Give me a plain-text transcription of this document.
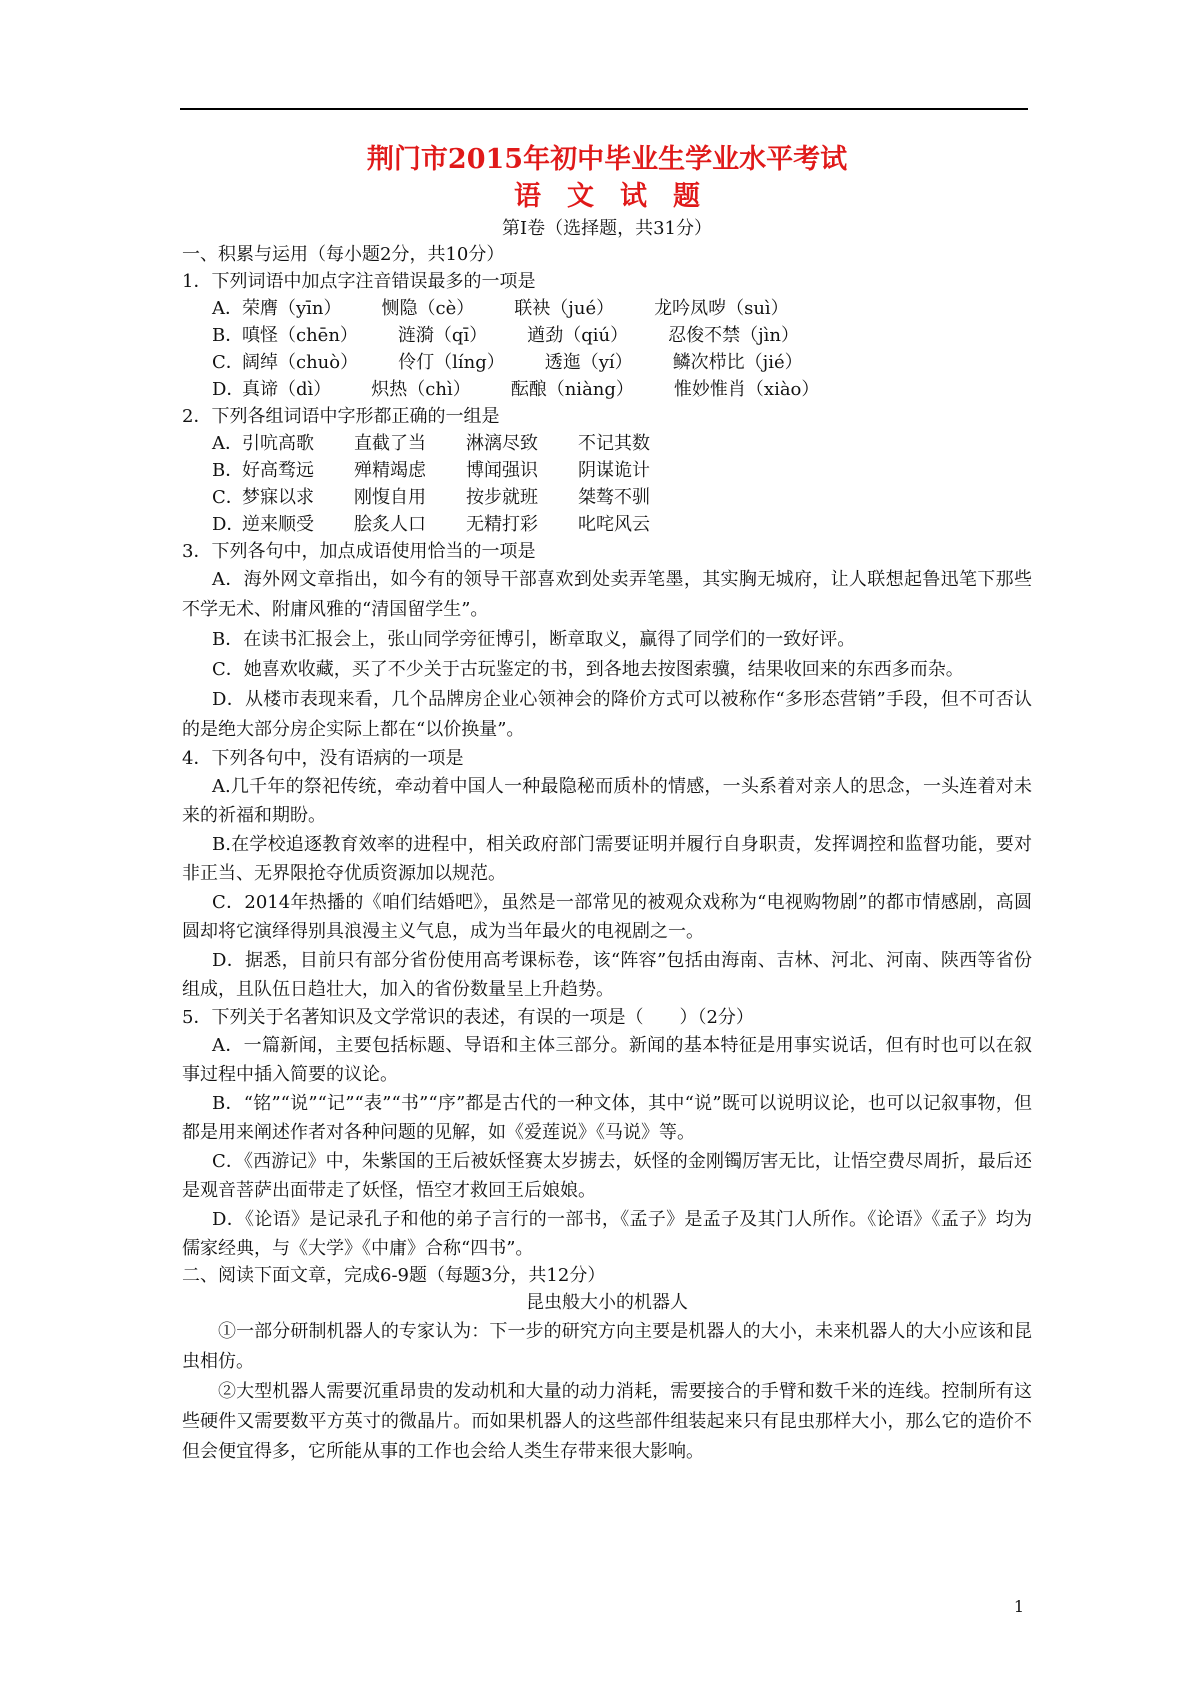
荆门市2015年初中毕业生学业水平考试
语文试题

第I卷（选择题，共31分）

一、积累与运用（每小题2分，共10分）

1．下列词语中加点字注音错误最多的一项是

A． 荣膺（yīn） 恻隐（cè） 联袂（jué） 龙吟凤哕（suì）
B．
嗔怪（chēn） 涟漪（qī） 遒劲（qiú） 忍俊不禁（jìn）
C．
阔绰（chuò） 伶仃（líng） 透迤（yí） 鳞次栉比（jié）
D．
真谛（dì） 炽热（chì） 酝酿（niàng） 惟妙惟肖（xiào）

2．下列各组词语中字形都正确的一组是

A． 引吭高歌 直截了当 淋漓尽致 不记其数
B．
好高骛远 殚精竭虑 博闻强识 阴谋诡计
C．
梦寐以求 刚愎自用 按步就班 桀骜不驯
D．
逆来顺受 脍炙人口 无精打彩 叱咤风云

3．下列各句中，加点成语使用恰当的一项是

A．海外网文章指出，如今有的领导干部喜欢到处卖弄笔墨，其实胸无城府，让人联想起鲁迅笔下那些不学无术、附庸风雅的“清国留学生”。

B．在读书汇报会上，张山同学旁征博引，断章取义，赢得了同学们的一致好评。

C．她喜欢收藏，买了不少关于古玩鉴定的书，到各地去按图索骥，结果收回来的东西多而杂。

D．从楼市表现来看，几个品牌房企业心领神会的降价方式可以被称作“多形态营销”手段，但不可否认的是绝大部分房企实际上都在“以价换量”。

4．下列各句中，没有语病的一项是

A.几千年的祭祀传统，牵动着中国人一种最隐秘而质朴的情感，一头系着对亲人的思念，一头连着对未来的祈福和期盼。

B.在学校追逐教育效率的进程中，相关政府部门需要证明并履行自身职责，发挥调控和监督功能，要对非正当、无界限抢夺优质资源加以规范。

C．2014年热播的《咱们结婚吧》，虽然是一部常见的被观众戏称为“电视购物剧”的都市情感剧，高圆圆却将它演绎得别具浪漫主义气息，成为当年最火的电视剧之一。

D．据悉，目前只有部分省份使用高考课标卷，该“阵容”包括由海南、吉林、河北、河南、陕西等省份组成，且队伍日趋壮大，加入的省份数量呈上升趋势。

5．下列关于名著知识及文学常识的表述，有误的一项是（　　）（2分）

A．一篇新闻，主要包括标题、导语和主体三部分。新闻的基本特征是用事实说话，但有时也可以在叙事过程中插入简要的议论。

B．“铭”“说”“记”“表”“书”“序”都是古代的一种文体，其中“说”既可以说明议论，也可以记叙事物，但都是用来阐述作者对各种问题的见解，如《爱莲说》《马说》等。

C．《西游记》中，朱紫国的王后被妖怪赛太岁掳去，妖怪的金刚镯厉害无比，让悟空费尽周折，最后还是观音菩萨出面带走了妖怪，悟空才救回王后娘娘。

D．《论语》是记录孔子和他的弟子言行的一部书，《孟子》是孟子及其门人所作。《论语》《孟子》均为儒家经典，与《大学》《中庸》合称“四书”。

二、阅读下面文章，完成6-9题（每题3分，共12分）

昆虫般大小的机器人

①一部分研制机器人的专家认为：下一步的研究方向主要是机器人的大小，未来机器人的大小应该和昆虫相仿。

②大型机器人需要沉重昂贵的发动机和大量的动力消耗，需要接合的手臂和数千米的连线。控制所有这些硬件又需要数平方英寸的微晶片。而如果机器人的这些部件组装起来只有昆虫那样大小，那么它的造价不但会便宜得多，它所能从事的工作也会给人类生存带来很大影响。

1
